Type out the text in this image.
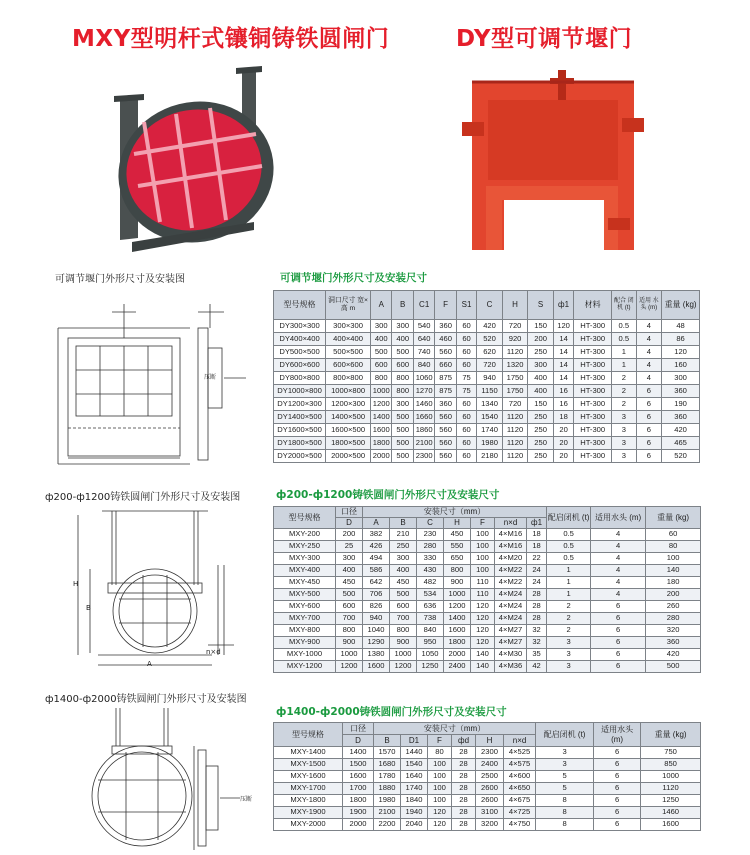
MXY型明杆式镶铜铸铁圆闸门	DY型可调节堰门
可调节堰门外形尺寸及安装图	可调节堰门外形尺寸及安装尺寸
压断
型号规格	洞口尺寸 宽×高 m	A	B	C1	F	S1	C	H	S	ф1	材料	配合 闭机 (t)	适用 水头 (m)	重量 (kg)
DY300×300	300×300	300	300	540	360	60	420	720	150	120	HT-300	0.5	4	48
DY400×400	400×400	400	400	640	460	60	520	920	200	14	HT-300	0.5	4	86
DY500×500	500×500	500	500	740	560	60	620	1120	250	14	HT-300	1	4	120
DY600×600	600×600	600	600	840	660	60	720	1320	300	14	HT-300	1	4	160
DY800×800	800×800	800	800	1060	875	75	940	1750	400	14	HT-300	2	4	300
DY1000×800	1000×800	1000	800	1270	875	75	1150	1750	400	16	HT-300	2	6	360
DY1200×300	1200×300	1200	300	1460	360	60	1340	720	150	16	HT-300	2	6	190
DY1400×500	1400×500	1400	500	1660	560	60	1540	1120	250	18	HT-300	3	6	360
DY1600×500	1600×500	1600	500	1860	560	60	1740	1120	250	20	HT-300	3	6	420
DY1800×500	1800×500	1800	500	2100	560	60	1980	1120	250	20	HT-300	3	6	465
DY2000×500	2000×500	2000	500	2300	560	60	2180	1120	250	20	HT-300	3	6	520
ф200-ф1200铸铁圆闸门外形尺寸及安装图	ф200-ф1200铸铁圆闸门外形尺寸及安装尺寸
H
B
A
n×d
型号规格	口径	安装尺寸（mm）							配启闭机 (t)	适用水头 (m)	重量 (kg)
	D	A	B	C	H	F	n×d	ф1			
MXY-200	200	382	210	230	450	100	4×M16	18	0.5	4	60
MXY-250	25	426	250	280	550	100	4×M16	18	0.5	4	80
MXY-300	300	494	300	330	650	100	4×M20	22	0.5	4	100
MXY-400	400	586	400	430	800	100	4×M22	24	1	4	140
MXY-450	450	642	450	482	900	110	4×M22	24	1	4	180
MXY-500	500	706	500	534	1000	110	4×M24	28	1	4	200
MXY-600	600	826	600	636	1200	120	4×M24	28	2	6	260
MXY-700	700	940	700	738	1400	120	4×M24	28	2	6	280
MXY-800	800	1040	800	840	1600	120	4×M27	32	2	6	320
MXY-900	900	1290	900	950	1800	120	4×M27	32	3	6	360
MXY-1000	1000	1380	1000	1050	2000	140	4×M30	35	3	6	420
MXY-1200	1200	1600	1200	1250	2400	140	4×M36	42	3	6	500
ф1400-ф2000铸铁圆闸门外形尺寸及安装图
ф1400-ф2000铸铁圆闸门外形尺寸及安装尺寸
压断
型号规格	口径	安装尺寸（mm）						配启闭机 (t)	适用水头 (m)	重量 (kg)
	D	B	D1	F	фd	H	n×d			
MXY-1400	1400	1570	1440	80	28	2300	4×525	3	6	750
MXY-1500	1500	1680	1540	100	28	2400	4×575	3	6	850
MXY-1600	1600	1780	1640	100	28	2500	4×600	5	6	1000
MXY-1700	1700	1880	1740	100	28	2600	4×650	5	6	1120
MXY-1800	1800	1980	1840	100	28	2600	4×675	8	6	1250
MXY-1900	1900	2100	1940	120	28	3100	4×725	8	6	1460
MXY-2000	2000	2200	2040	120	28	3200	4×750	8	6	1600
